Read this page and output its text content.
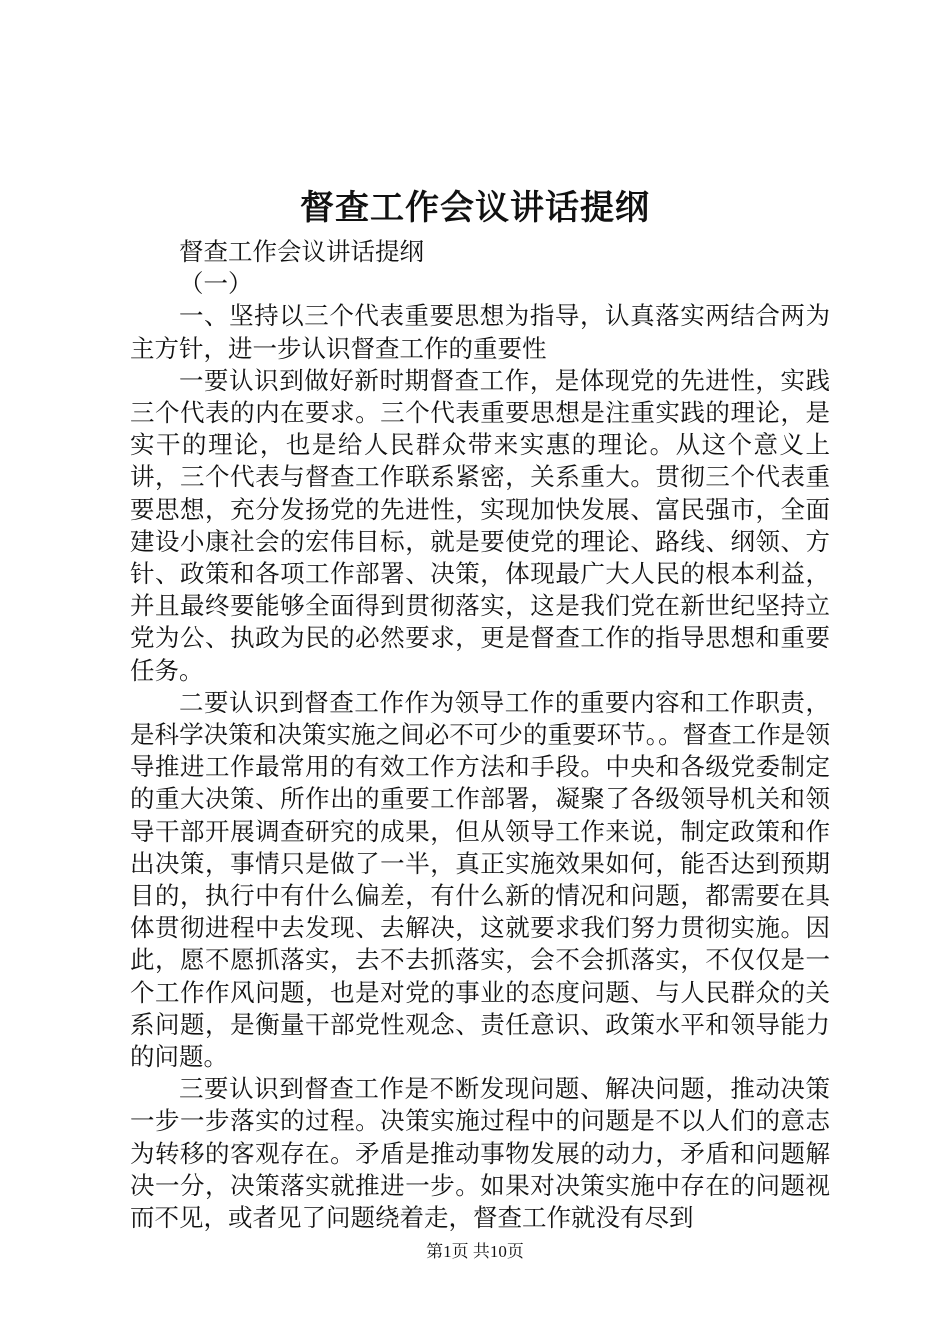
督查工作会议讲话提纲

督查工作会议讲话提纲

（一）

一、坚持以三个代表重要思想为指导，认真落实两结合两为主方针，进一步认识督查工作的重要性

一要认识到做好新时期督查工作，是体现党的先进性，实践三个代表的内在要求。三个代表重要思想是注重实践的理论，是实干的理论，也是给人民群众带来实惠的理论。从这个意义上讲，三个代表与督查工作联系紧密，关系重大。贯彻三个代表重要思想，充分发扬党的先进性，实现加快发展、富民强市，全面建设小康社会的宏伟目标，就是要使党的理论、路线、纲领、方针、政策和各项工作部署、决策，体现最广大人民的根本利益，并且最终要能够全面得到贯彻落实，这是我们党在新世纪坚持立党为公、执政为民的必然要求，更是督查工作的指导思想和重要任务。

二要认识到督查工作作为领导工作的重要内容和工作职责，是科学决策和决策实施之间必不可少的重要环节。。督查工作是领导推进工作最常用的有效工作方法和手段。中央和各级党委制定的重大决策、所作出的重要工作部署，凝聚了各级领导机关和领导干部开展调查研究的成果，但从领导工作来说，制定政策和作出决策，事情只是做了一半，真正实施效果如何，能否达到预期目的，执行中有什么偏差，有什么新的情况和问题，都需要在具体贯彻进程中去发现、去解决，这就要求我们努力贯彻实施。因此，愿不愿抓落实，去不去抓落实，会不会抓落实，不仅仅是一个工作作风问题，也是对党的事业的态度问题、与人民群众的关系问题，是衡量干部党性观念、责任意识、政策水平和领导能力的问题。

三要认识到督查工作是不断发现问题、解决问题，推动决策一步一步落实的过程。决策实施过程中的问题是不以人们的意志为转移的客观存在。矛盾是推动事物发展的动力，矛盾和问题解决一分，决策落实就推进一步。如果对决策实施中存在的问题视而不见，或者见了问题绕着走，督查工作就没有尽到

第1页 共10页
